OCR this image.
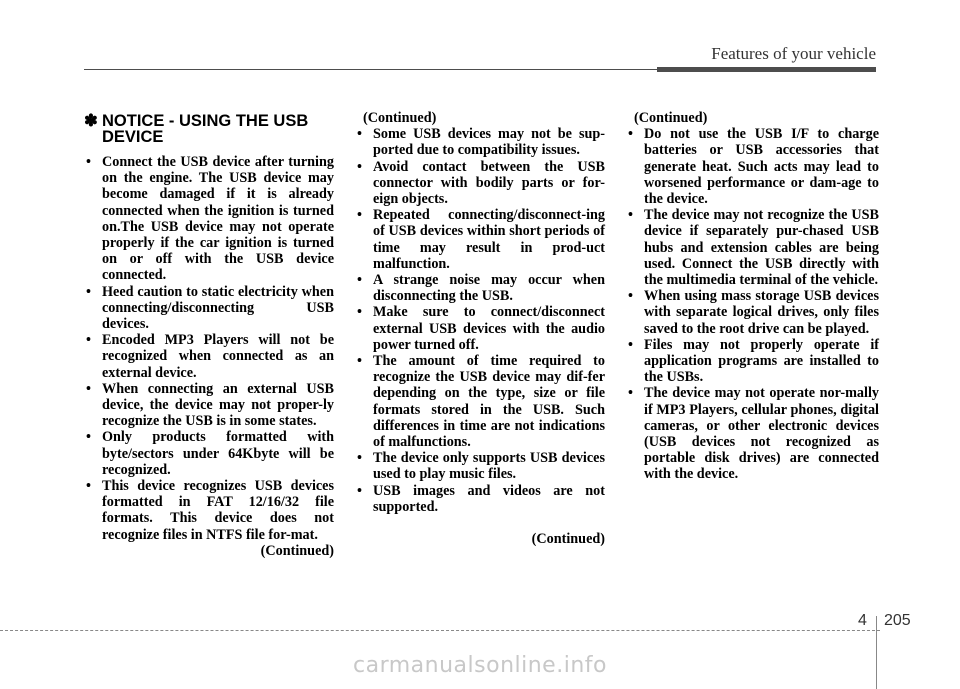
Features of your vehicle
✽ NOTICE - USING THE USB DEVICE
• Connect the USB device after turning on the engine. The USB device may become damaged if it is already connected when the ignition is turned on.The USB device may not operate properly if the car ignition is turned on or off with the USB device connected.
• Heed caution to static electricity when connecting/disconnecting USB devices.
• Encoded MP3 Players will not be recognized when connected as an external device.
• When connecting an external USB device, the device may not proper-ly recognize the USB is in some states.
• Only products formatted with byte/sectors under 64Kbyte will be recognized.
• This device recognizes USB devices formatted in FAT 12/16/32 file formats. This device does not recognize files in NTFS file for-mat.
(Continued)
(Continued)
• Some USB devices may not be sup-ported due to compatibility issues.
• Avoid contact between the USB connector with bodily parts or for-eign objects.
• Repeated connecting/disconnect-ing of USB devices within short periods of time may result in prod-uct malfunction.
• A strange noise may occur when disconnecting the USB.
• Make sure to connect/disconnect external USB devices with the audio power turned off.
• The amount of time required to recognize the USB device may dif-fer depending on the type, size or file formats stored in the USB. Such differences in time are not indications of malfunctions.
• The device only supports USB devices used to play music files.
• USB images and videos are not supported.
(Continued)
(Continued)
• Do not use the USB I/F to charge batteries or USB accessories that generate heat. Such acts may lead to worsened performance or dam-age to the device.
• The device may not recognize the USB device if separately pur-chased USB hubs and extension cables are being used. Connect the USB directly with the multimedia terminal of the vehicle.
• When using mass storage USB devices with separate logical drives, only files saved to the root drive can be played.
• Files may not properly operate if application programs are installed to the USBs.
• The device may not operate nor-mally if MP3 Players, cellular phones, digital cameras, or other electronic devices (USB devices not recognized as portable disk drives) are connected with the device.
4 205
carmanualsonline.info
